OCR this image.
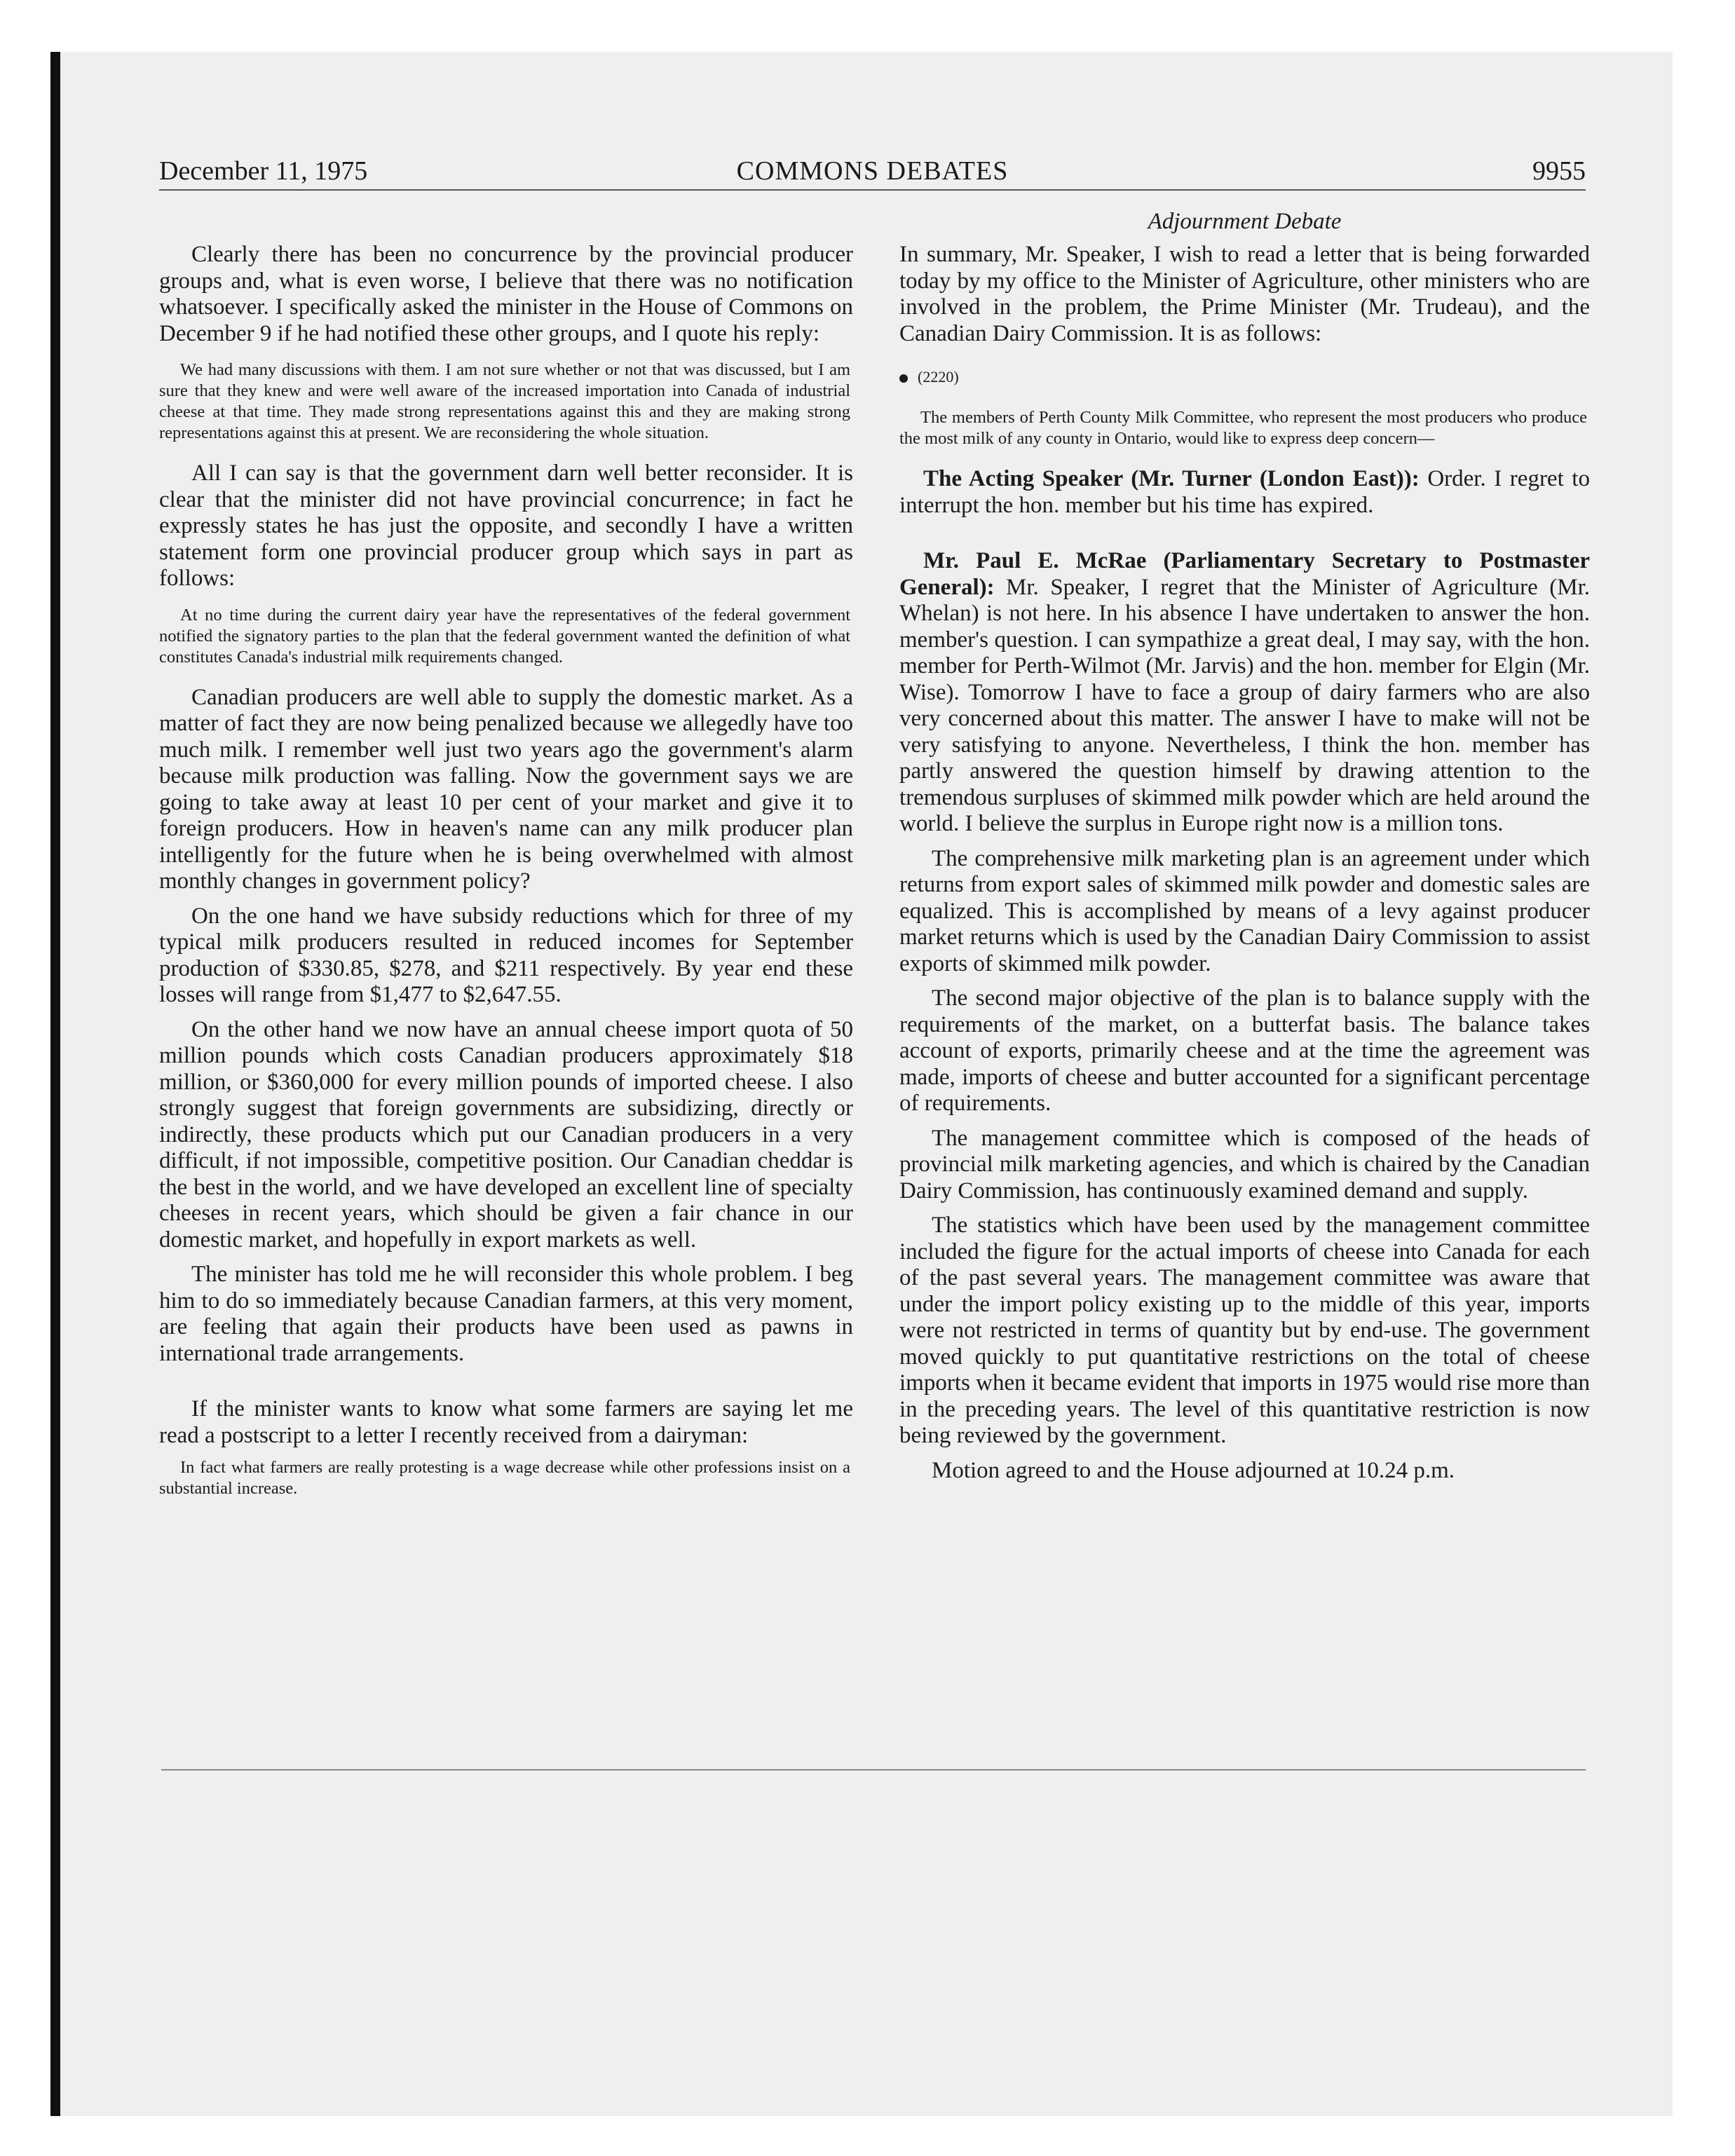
December 11, 1975	COMMONS DEBATES	9955

Clearly there has been no concurrence by the provincial producer groups and, what is even worse, I believe that there was no notification whatsoever. I specifically asked the minister in the House of Commons on December 9 if he had notified these other groups, and I quote his reply:

We had many discussions with them. I am not sure whether or not that was discussed, but I am sure that they knew and were well aware of the increased importation into Canada of industrial cheese at that time. They made strong representations against this and they are making strong representations against this at present. We are reconsidering the whole situation.

All I can say is that the government darn well better reconsider. It is clear that the minister did not have provincial concurrence; in fact he expressly states he has just the opposite, and secondly I have a written statement form one provincial producer group which says in part as follows:

At no time during the current dairy year have the representatives of the federal government notified the signatory parties to the plan that the federal government wanted the definition of what constitutes Canada's industrial milk requirements changed.

Canadian producers are well able to supply the domestic market. As a matter of fact they are now being penalized because we allegedly have too much milk. I remember well just two years ago the government's alarm because milk production was falling. Now the government says we are going to take away at least 10 per cent of your market and give it to foreign producers. How in heaven's name can any milk producer plan intelligently for the future when he is being overwhelmed with almost monthly changes in government policy?

On the one hand we have subsidy reductions which for three of my typical milk producers resulted in reduced incomes for September production of $330.85, $278, and $211 respectively. By year end these losses will range from $1,477 to $2,647.55.

On the other hand we now have an annual cheese import quota of 50 million pounds which costs Canadian producers approximately $18 million, or $360,000 for every million pounds of imported cheese. I also strongly suggest that foreign governments are subsidizing, directly or indirectly, these products which put our Canadian producers in a very difficult, if not impossible, competitive position. Our Canadian cheddar is the best in the world, and we have developed an excellent line of specialty cheeses in recent years, which should be given a fair chance in our domestic market, and hopefully in export markets as well.

The minister has told me he will reconsider this whole problem. I beg him to do so immediately because Canadian farmers, at this very moment, are feeling that again their products have been used as pawns in international trade arrangements.

If the minister wants to know what some farmers are saying let me read a postscript to a letter I recently received from a dairyman:

In fact what farmers are really protesting is a wage decrease while other professions insist on a substantial increase.

Adjournment Debate

In summary, Mr. Speaker, I wish to read a letter that is being forwarded today by my office to the Minister of Agriculture, other ministers who are involved in the problem, the Prime Minister (Mr. Trudeau), and the Canadian Dairy Commission. It is as follows:

(2220)

The members of Perth County Milk Committee, who represent the most producers who produce the most milk of any county in Ontario, would like to express deep concern—

The Acting Speaker (Mr. Turner (London East)): Order. I regret to interrupt the hon. member but his time has expired.

Mr. Paul E. McRae (Parliamentary Secretary to Postmaster General): Mr. Speaker, I regret that the Minister of Agriculture (Mr. Whelan) is not here. In his absence I have undertaken to answer the hon. member's question. I can sympathize a great deal, I may say, with the hon. member for Perth-Wilmot (Mr. Jarvis) and the hon. member for Elgin (Mr. Wise). Tomorrow I have to face a group of dairy farmers who are also very concerned about this matter. The answer I have to make will not be very satisfying to anyone. Nevertheless, I think the hon. member has partly answered the question himself by drawing attention to the tremendous surpluses of skimmed milk powder which are held around the world. I believe the surplus in Europe right now is a million tons.

The comprehensive milk marketing plan is an agreement under which returns from export sales of skimmed milk powder and domestic sales are equalized. This is accomplished by means of a levy against producer market returns which is used by the Canadian Dairy Commission to assist exports of skimmed milk powder.

The second major objective of the plan is to balance supply with the requirements of the market, on a butterfat basis. The balance takes account of exports, primarily cheese and at the time the agreement was made, imports of cheese and butter accounted for a significant percentage of requirements.

The management committee which is composed of the heads of provincial milk marketing agencies, and which is chaired by the Canadian Dairy Commission, has continuously examined demand and supply.

The statistics which have been used by the management committee included the figure for the actual imports of cheese into Canada for each of the past several years. The management committee was aware that under the import policy existing up to the middle of this year, imports were not restricted in terms of quantity but by end-use. The government moved quickly to put quantitative restrictions on the total of cheese imports when it became evident that imports in 1975 would rise more than in the preceding years. The level of this quantitative restriction is now being reviewed by the government.

Motion agreed to and the House adjourned at 10.24 p.m.
